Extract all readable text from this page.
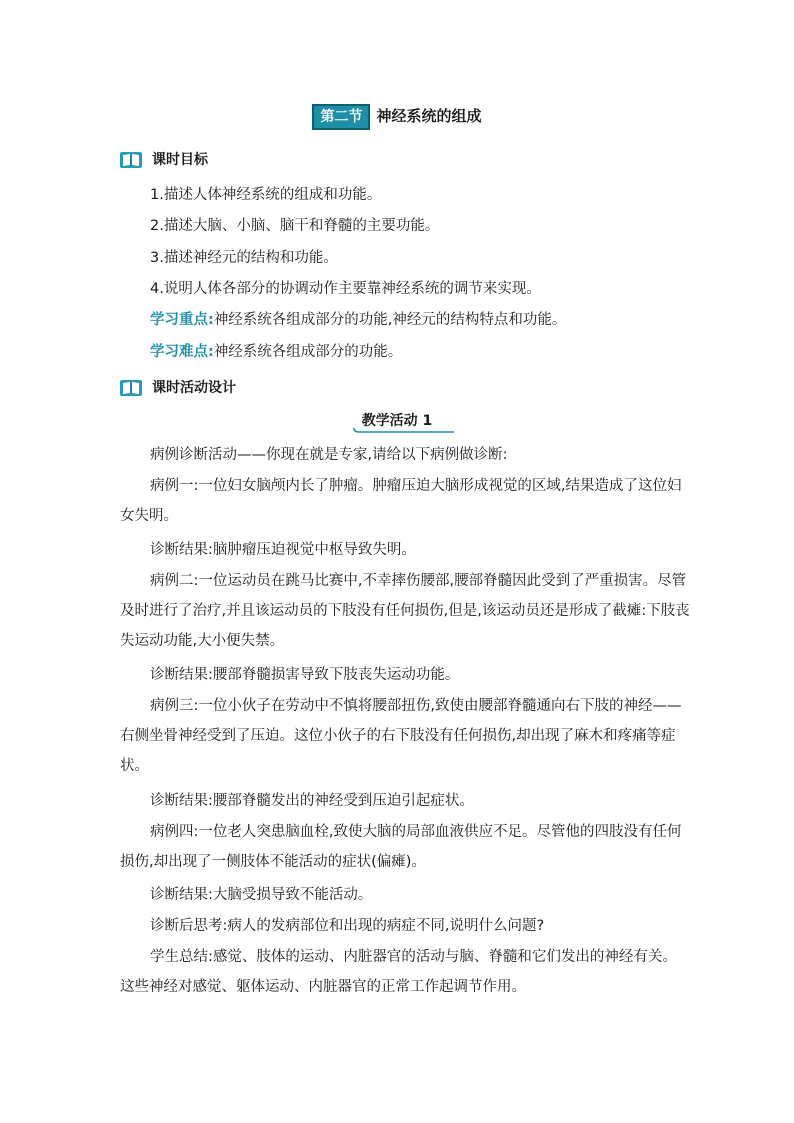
第二节 神经系统的组成
课时目标
1.描述人体神经系统的组成和功能。
2.描述大脑、小脑、脑干和脊髓的主要功能。
3.描述神经元的结构和功能。
4.说明人体各部分的协调动作主要靠神经系统的调节来实现。
学习重点:神经系统各组成部分的功能,神经元的结构特点和功能。
学习难点:神经系统各组成部分的功能。
课时活动设计
教学活动 1

病例诊断活动——你现在就是专家,请给以下病例做诊断:

病例一:一位妇女脑颅内长了肿瘤。肿瘤压迫大脑形成视觉的区域,结果造成了这位妇女失明。

诊断结果:脑肿瘤压迫视觉中枢导致失明。

病例二:一位运动员在跳马比赛中,不幸摔伤腰部,腰部脊髓因此受到了严重损害。尽管及时进行了治疗,并且该运动员的下肢没有任何损伤,但是,该运动员还是形成了截瘫:下肢丧失运动功能,大小便失禁。

诊断结果:腰部脊髓损害导致下肢丧失运动功能。

病例三:一位小伙子在劳动中不慎将腰部扭伤,致使由腰部脊髓通向右下肢的神经——右侧坐骨神经受到了压迫。这位小伙子的右下肢没有任何损伤,却出现了麻木和疼痛等症状。

诊断结果:腰部脊髓发出的神经受到压迫引起症状。

病例四:一位老人突患脑血栓,致使大脑的局部血液供应不足。尽管他的四肢没有任何损伤,却出现了一侧肢体不能活动的症状(偏瘫)。

诊断结果:大脑受损导致不能活动。

诊断后思考:病人的发病部位和出现的病症不同,说明什么问题?

学生总结:感觉、肢体的运动、内脏器官的活动与脑、脊髓和它们发出的神经有关。这些神经对感觉、躯体运动、内脏器官的正常工作起调节作用。
